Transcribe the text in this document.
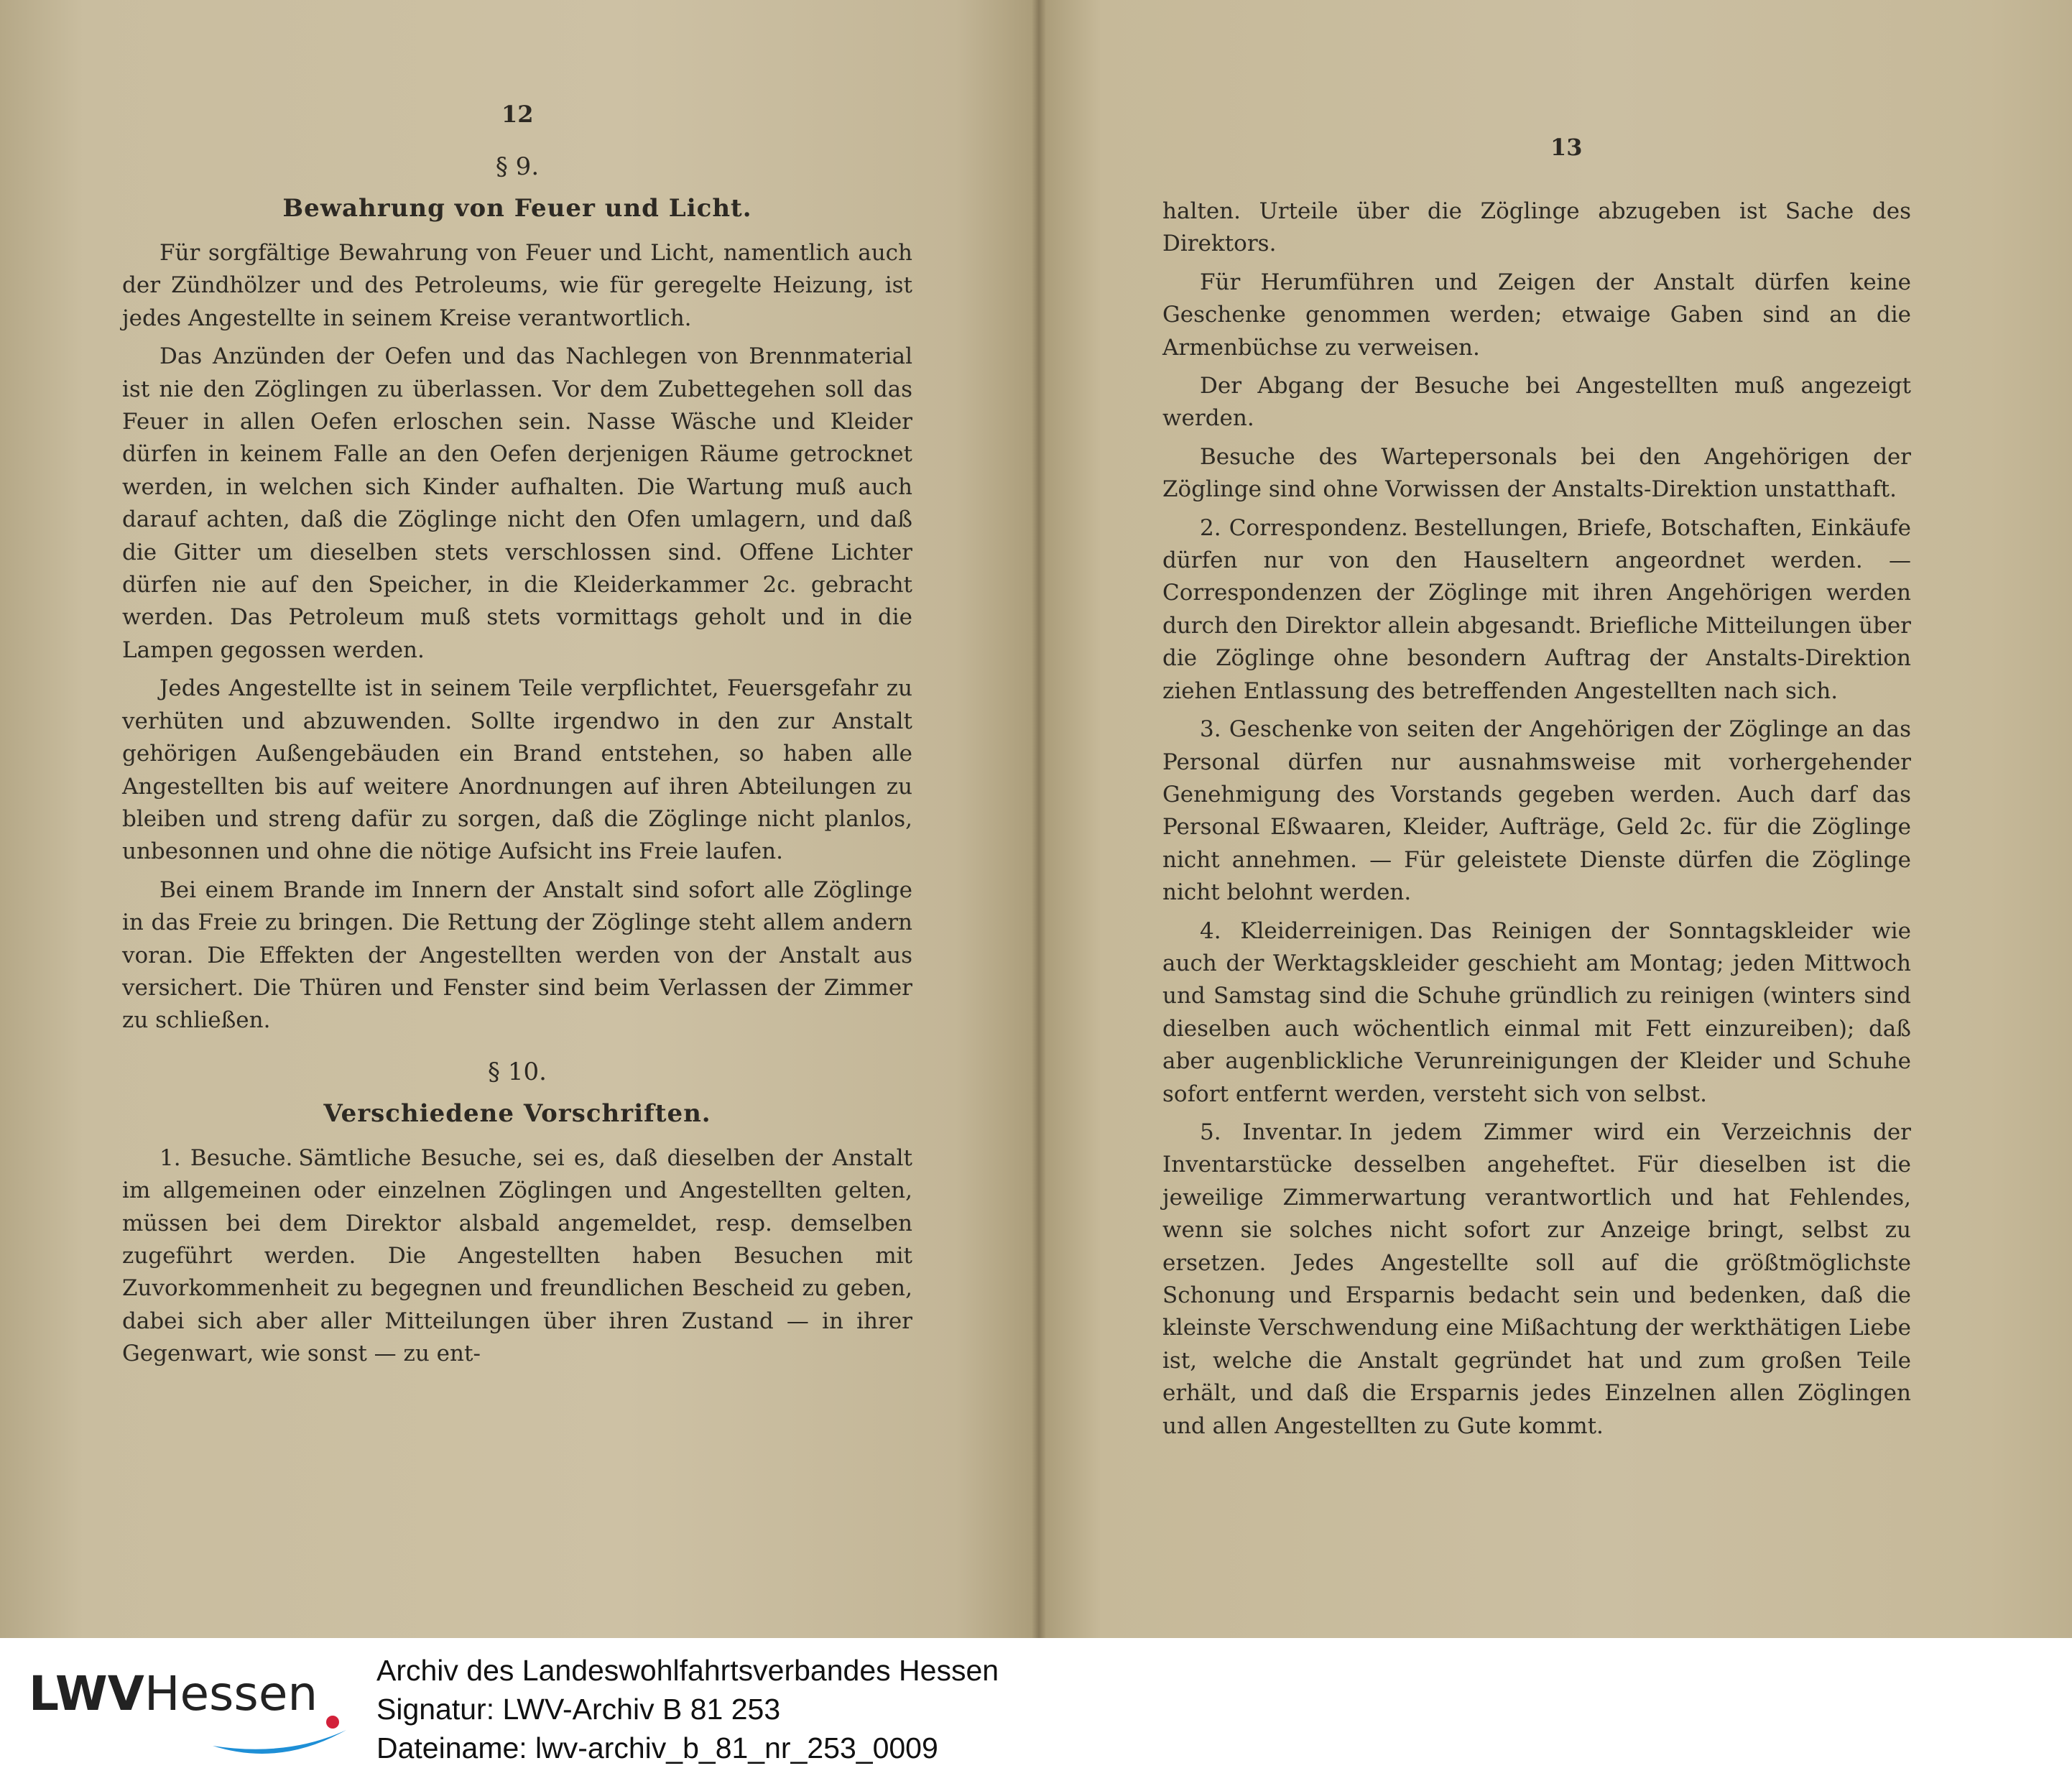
12

§ 9.

Bewahrung von Feuer und Licht.

Für sorgfältige Bewahrung von Feuer und Licht, namentlich auch der Zündhölzer und des Petroleums, wie für geregelte Heizung, ist jedes Angestellte in seinem Kreise verantwortlich.

Das Anzünden der Oefen und das Nachlegen von Brennmaterial ist nie den Zöglingen zu überlassen. Vor dem Zubettegehen soll das Feuer in allen Oefen erloschen sein. Nasse Wäsche und Kleider dürfen in keinem Falle an den Oefen derjenigen Räume getrocknet werden, in welchen sich Kinder aufhalten. Die Wartung muß auch darauf achten, daß die Zöglinge nicht den Ofen umlagern, und daß die Gitter um dieselben stets verschlossen sind. Offene Lichter dürfen nie auf den Speicher, in die Kleiderkammer 2c. gebracht werden. Das Petroleum muß stets vormittags geholt und in die Lampen gegossen werden.

Jedes Angestellte ist in seinem Teile verpflichtet, Feuersgefahr zu verhüten und abzuwenden. Sollte irgendwo in den zur Anstalt gehörigen Außengebäuden ein Brand entstehen, so haben alle Angestellten bis auf weitere Anordnungen auf ihren Abteilungen zu bleiben und streng dafür zu sorgen, daß die Zöglinge nicht planlos, unbesonnen und ohne die nötige Aufsicht ins Freie laufen.

Bei einem Brande im Innern der Anstalt sind sofort alle Zöglinge in das Freie zu bringen. Die Rettung der Zöglinge steht allem andern voran. Die Effekten der Angestellten werden von der Anstalt aus versichert. Die Thüren und Fenster sind beim Verlassen der Zimmer zu schließen.

§ 10.

Verschiedene Vorschriften.

1. Besuche. Sämtliche Besuche, sei es, daß dieselben der Anstalt im allgemeinen oder einzelnen Zöglingen und Angestellten gelten, müssen bei dem Direktor alsbald angemeldet, resp. demselben zugeführt werden. Die Angestellten haben Besuchen mit Zuvorkommenheit zu begegnen und freundlichen Bescheid zu geben, dabei sich aber aller Mitteilungen über ihren Zustand — in ihrer Gegenwart, wie sonst — zu ent-

13

halten. Urteile über die Zöglinge abzugeben ist Sache des Direktors.

Für Herumführen und Zeigen der Anstalt dürfen keine Geschenke genommen werden; etwaige Gaben sind an die Armenbüchse zu verweisen.

Der Abgang der Besuche bei Angestellten muß angezeigt werden.

Besuche des Wartepersonals bei den Angehörigen der Zöglinge sind ohne Vorwissen der Anstalts-Direktion unstatthaft.

2. Correspondenz. Bestellungen, Briefe, Botschaften, Einkäufe dürfen nur von den Hauseltern angeordnet werden. — Correspondenzen der Zöglinge mit ihren Angehörigen werden durch den Direktor allein abgesandt. Briefliche Mitteilungen über die Zöglinge ohne besondern Auftrag der Anstalts-Direktion ziehen Entlassung des betreffenden Angestellten nach sich.

3. Geschenke von seiten der Angehörigen der Zöglinge an das Personal dürfen nur ausnahmsweise mit vorhergehender Genehmigung des Vorstands gegeben werden. Auch darf das Personal Eßwaaren, Kleider, Aufträge, Geld 2c. für die Zöglinge nicht annehmen. — Für geleistete Dienste dürfen die Zöglinge nicht belohnt werden.

4. Kleiderreinigen. Das Reinigen der Sonntagskleider wie auch der Werktagskleider geschieht am Montag; jeden Mittwoch und Samstag sind die Schuhe gründlich zu reinigen (winters sind dieselben auch wöchentlich einmal mit Fett einzureiben); daß aber augenblickliche Verunreinigungen der Kleider und Schuhe sofort entfernt werden, versteht sich von selbst.

5. Inventar. In jedem Zimmer wird ein Verzeichnis der Inventarstücke desselben angeheftet. Für dieselben ist die jeweilige Zimmerwartung verantwortlich und hat Fehlendes, wenn sie solches nicht sofort zur Anzeige bringt, selbst zu ersetzen. Jedes Angestellte soll auf die größtmöglichste Schonung und Ersparnis bedacht sein und bedenken, daß die kleinste Verschwendung eine Mißachtung der werkthätigen Liebe ist, welche die Anstalt gegründet hat und zum großen Teile erhält, und daß die Ersparnis jedes Einzelnen allen Zöglingen und allen Angestellten zu Gute kommt.

LWVHessen Archiv des Landeswohlfahrtsverbandes Hessen
Signatur: LWV-Archiv B 81 253
Dateiname: lwv-archiv_b_81_nr_253_0009
